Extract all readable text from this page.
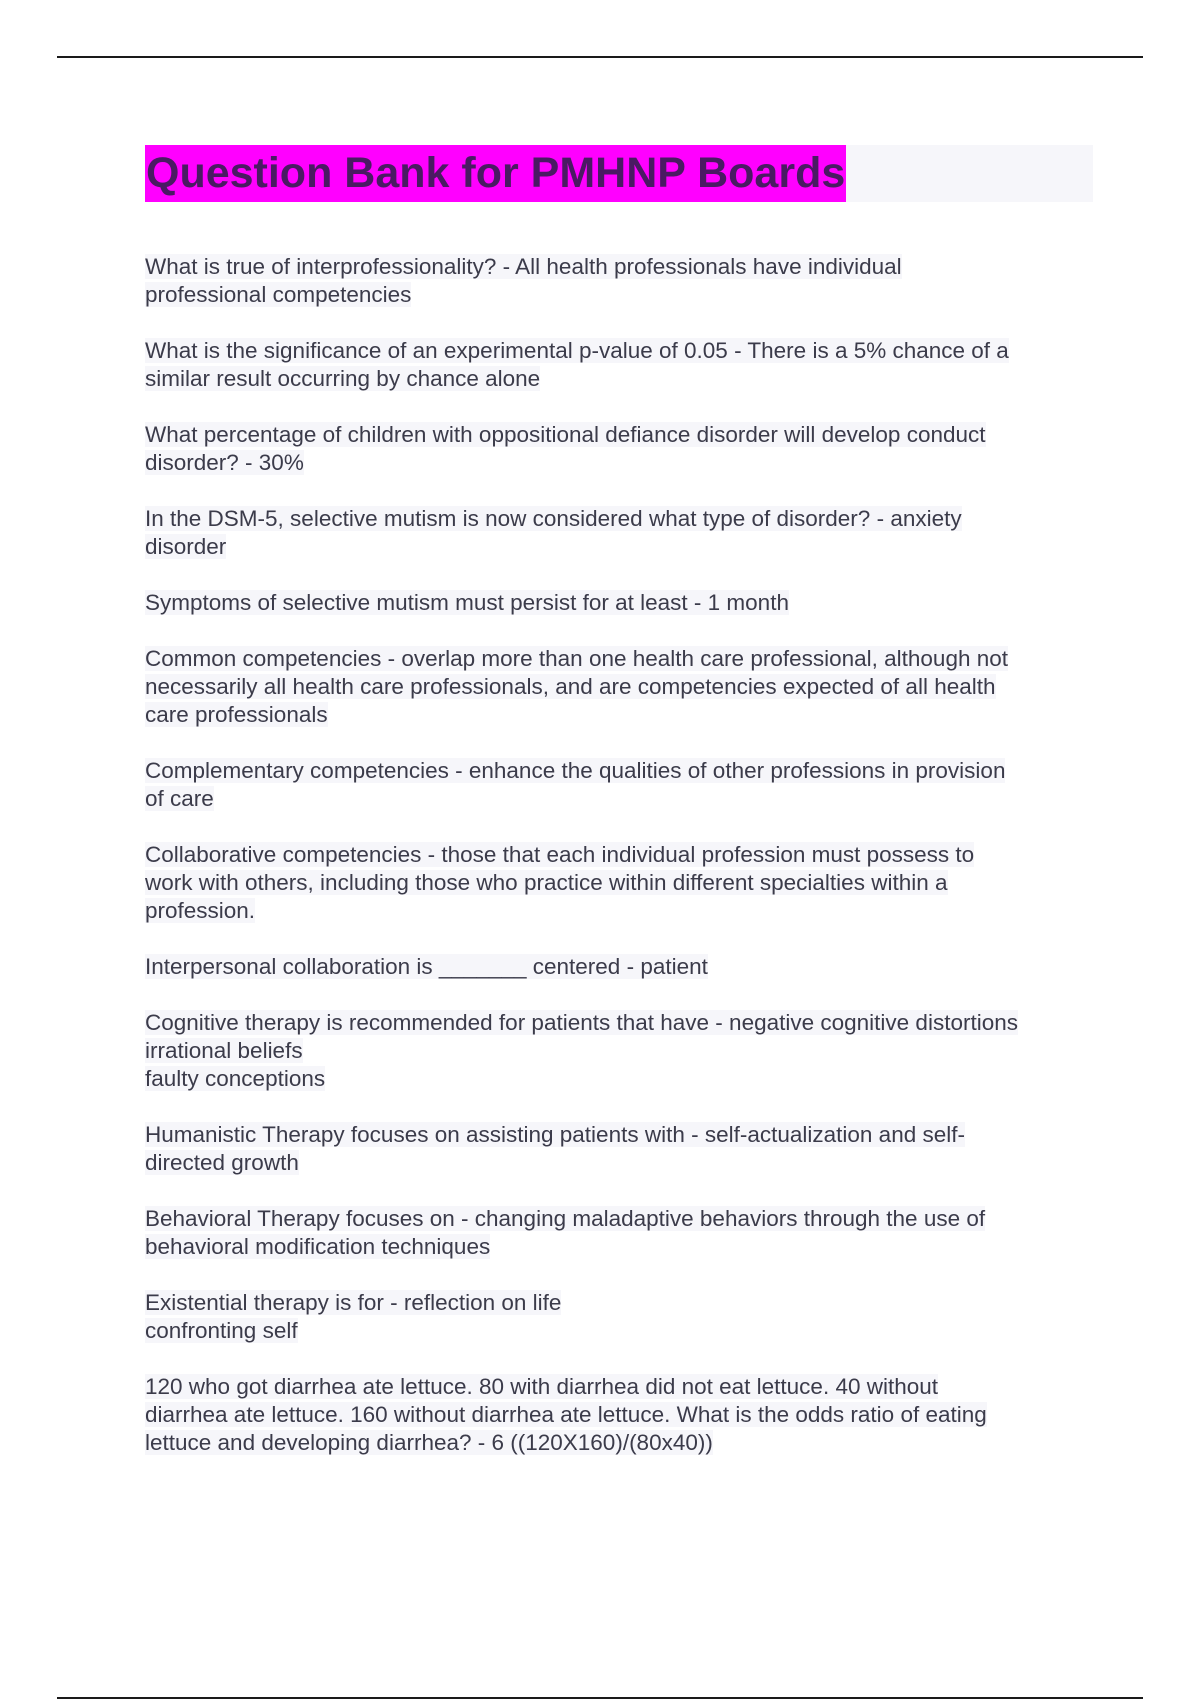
Question Bank for PMHNP Boards
What is true of interprofessionality? - All health professionals have individual
professional competencies
What is the significance of an experimental p-value of 0.05 - There is a 5% chance of a
similar result occurring by chance alone
What percentage of children with oppositional defiance disorder will develop conduct
disorder? - 30%
In the DSM-5, selective mutism is now considered what type of disorder? - anxiety
disorder
Symptoms of selective mutism must persist for at least - 1 month
Common competencies - overlap more than one health care professional, although not
necessarily all health care professionals, and are competencies expected of all health
care professionals
Complementary competencies - enhance the qualities of other professions in provision
of care
Collaborative competencies - those that each individual profession must possess to
work with others, including those who practice within different specialties within a
profession.
Interpersonal collaboration is _______ centered - patient
Cognitive therapy is recommended for patients that have - negative cognitive distortions
irrational beliefs
faulty conceptions
Humanistic Therapy focuses on assisting patients with - self-actualization and self-
directed growth
Behavioral Therapy focuses on - changing maladaptive behaviors through the use of
behavioral modification techniques
Existential therapy is for - reflection on life
confronting self
120 who got diarrhea ate lettuce. 80 with diarrhea did not eat lettuce. 40 without
diarrhea ate lettuce. 160 without diarrhea ate lettuce. What is the odds ratio of eating
lettuce and developing diarrhea? - 6 ((120X160)/(80x40))
